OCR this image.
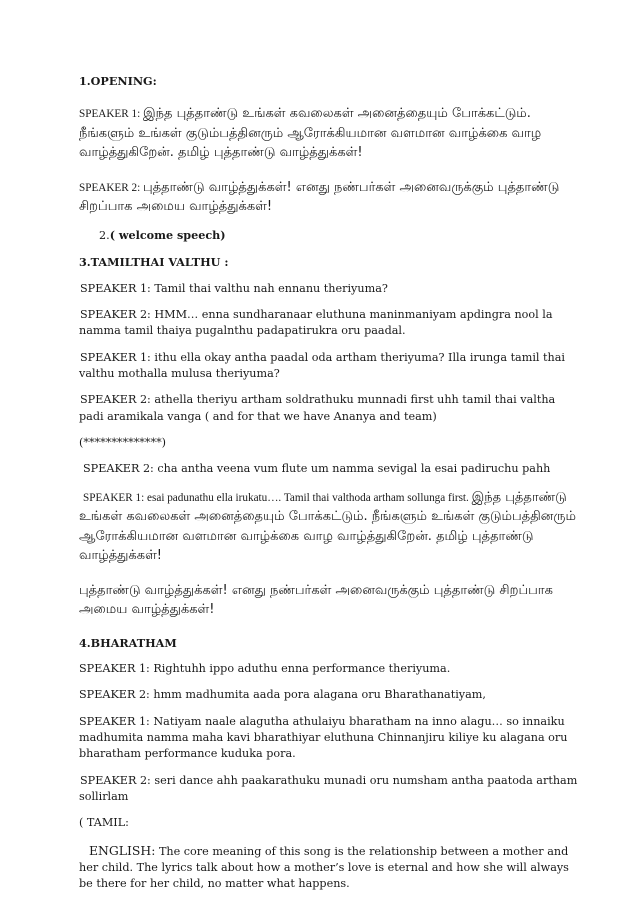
1.OPENING:

SPEAKER 1: இந்த புத்தாண்டு உங்கள் கவலைகள் அனைத்தையும் போக்கட்டும். நீங்களும் உங்கள் குடும்பத்தினரும் ஆரோக்கியமான வளமான வாழ்க்கை வாழ வாழ்த்துகிறேன். தமிழ் புத்தாண்டு வாழ்த்துக்கள்!

SPEAKER 2: புத்தாண்டு வாழ்த்துக்கள்! எனது நண்பர்கள் அனைவருக்கும் புத்தாண்டு சிறப்பாக அமைய வாழ்த்துக்கள்!

2.( welcome speech)

3.TAMILTHAI VALTHU :

SPEAKER 1: Tamil thai valthu nah ennanu theriyuma?

SPEAKER 2: HMM… enna sundharanaar eluthuna maninmaniyam apdingra nool la namma tamil thaiya pugalnthu padapatirukra oru paadal.

SPEAKER 1: ithu ella okay antha paadal oda artham theriyuma? Illa irunga tamil thai valthu mothalla mulusa theriyuma?

SPEAKER 2: athella theriyu artham soldrathuku munnadi first uhh tamil thai valtha padi aramikala vanga ( and for that we have Ananya and team)

(**************)

SPEAKER 2: cha antha veena vum flute um namma sevigal la esai padiruchu pahh

SPEAKER 1: esai padunathu ella irukatu…. Tamil thai valthoda artham sollunga first. இந்த புத்தாண்டு உங்கள் கவலைகள் அனைத்தையும் போக்கட்டும். நீங்களும் உங்கள் குடும்பத்தினரும் ஆரோக்கியமான வளமான வாழ்க்கை வாழ வாழ்த்துகிறேன். தமிழ் புத்தாண்டு வாழ்த்துக்கள்!

புத்தாண்டு வாழ்த்துக்கள்! எனது நண்பர்கள் அனைவருக்கும் புத்தாண்டு சிறப்பாக அமைய வாழ்த்துக்கள்!

4.BHARATHAM

SPEAKER 1: Rightuhh ippo aduthu enna performance theriyuma.

SPEAKER 2: hmm madhumita aada pora alagana oru Bharathanatiyam,

SPEAKER 1: Natiyam naale alagutha athulaiyu bharatham na inno alagu… so innaiku madhumita namma maha kavi bharathiyar eluthuna Chinnanjiru kiliye ku alagana oru bharatham performance kuduka pora.

SPEAKER 2: seri dance ahh paakarathuku munadi oru numsham antha paatoda artham sollirlam

( TAMIL:

ENGLISH: The core meaning of this song is the relationship between a mother and her child. The lyrics talk about how a mother’s love is eternal and how she will always be there for her child, no matter what happens.
